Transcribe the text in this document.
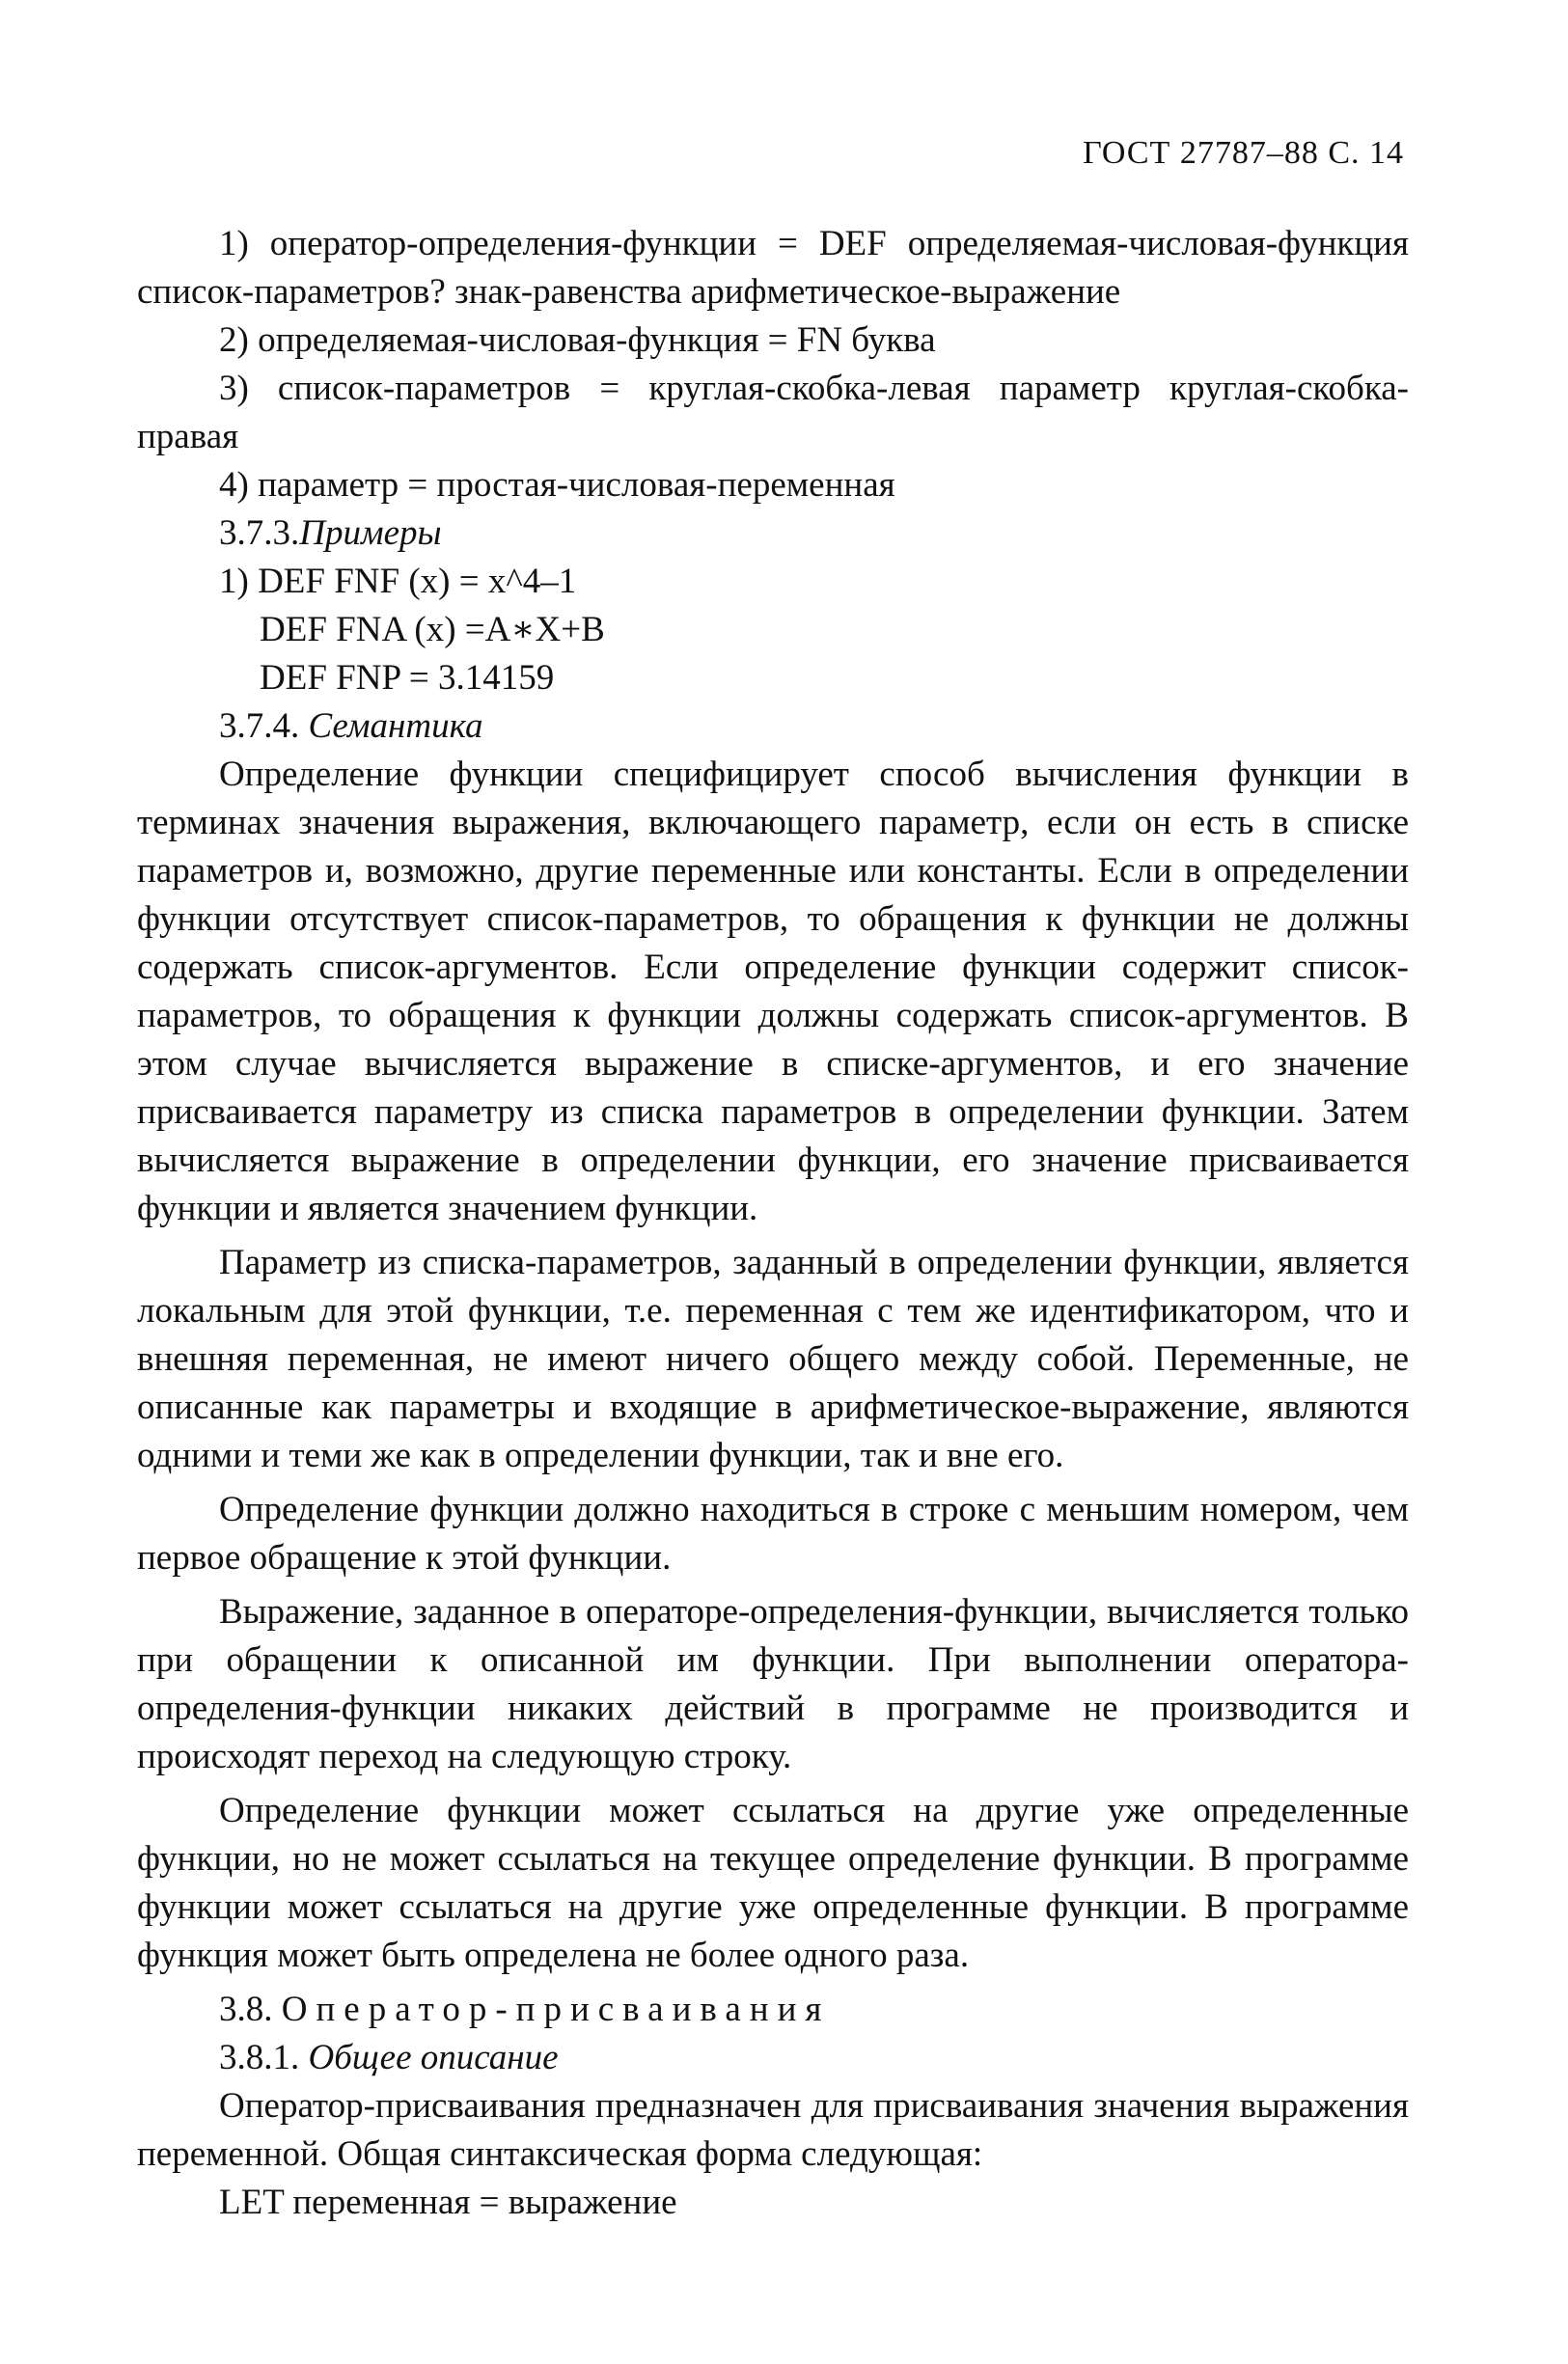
ГОСТ 27787–88 С. 14

1) оператор-определения-функции = DEF определяемая-числовая-функция список-параметров? знак-равенства арифметическое-выражение

2) определяемая-числовая-функция = FN буква

3) список-параметров = круглая-скобка-левая параметр круглая-скобка-правая

4) параметр = простая-числовая-переменная

3.7.3.Примеры

1) DEF FNF (x) = x^4–1

DEF FNA (x) =A∗X+B

DEF FNP = 3.14159

3.7.4. Семантика

Определение функции специфицирует способ вычисления функции в терминах значения выражения, включающего параметр, если он есть в списке параметров и, возможно, другие переменные или константы. Если в определении функции отсутствует список-параметров, то обращения к функции не должны содержать список-аргументов. Если определение функции содержит список-параметров, то обращения к функции должны содержать список-аргументов. В этом случае вычисляется выражение в списке-аргументов, и его значение присваивается параметру из списка параметров в определении функции. Затем вычисляется выражение в определении функции, его значение присваивается функции и является значением функции.

Параметр из списка-параметров, заданный в определении функции, является локальным для этой функции, т.е. переменная с тем же идентификатором, что и внешняя переменная, не имеют ничего общего между собой. Переменные, не описанные как параметры и входящие в арифметическое-выражение, являются одними и теми же как в определении функции, так и вне его.

Определение функции должно находиться в строке с меньшим номером, чем первое обращение к этой функции.

Выражение, заданное в операторе-определения-функции, вычисляется только при обращении к описанной им функции. При выполнении оператора-определения-функции никаких действий в программе не производится и происходят переход на следующую строку.

Определение функции может ссылаться на другие уже определенные функции, но не может ссылаться на текущее определение функции. В программе функции может ссылаться на другие уже определенные функции. В программе функция может быть определена не более одного раза.

3.8. Оператор-присваивания

3.8.1. Общее описание

Оператор-присваивания предназначен для присваивания значения выражения переменной. Общая синтаксическая форма следующая:

LET переменная = выражение
